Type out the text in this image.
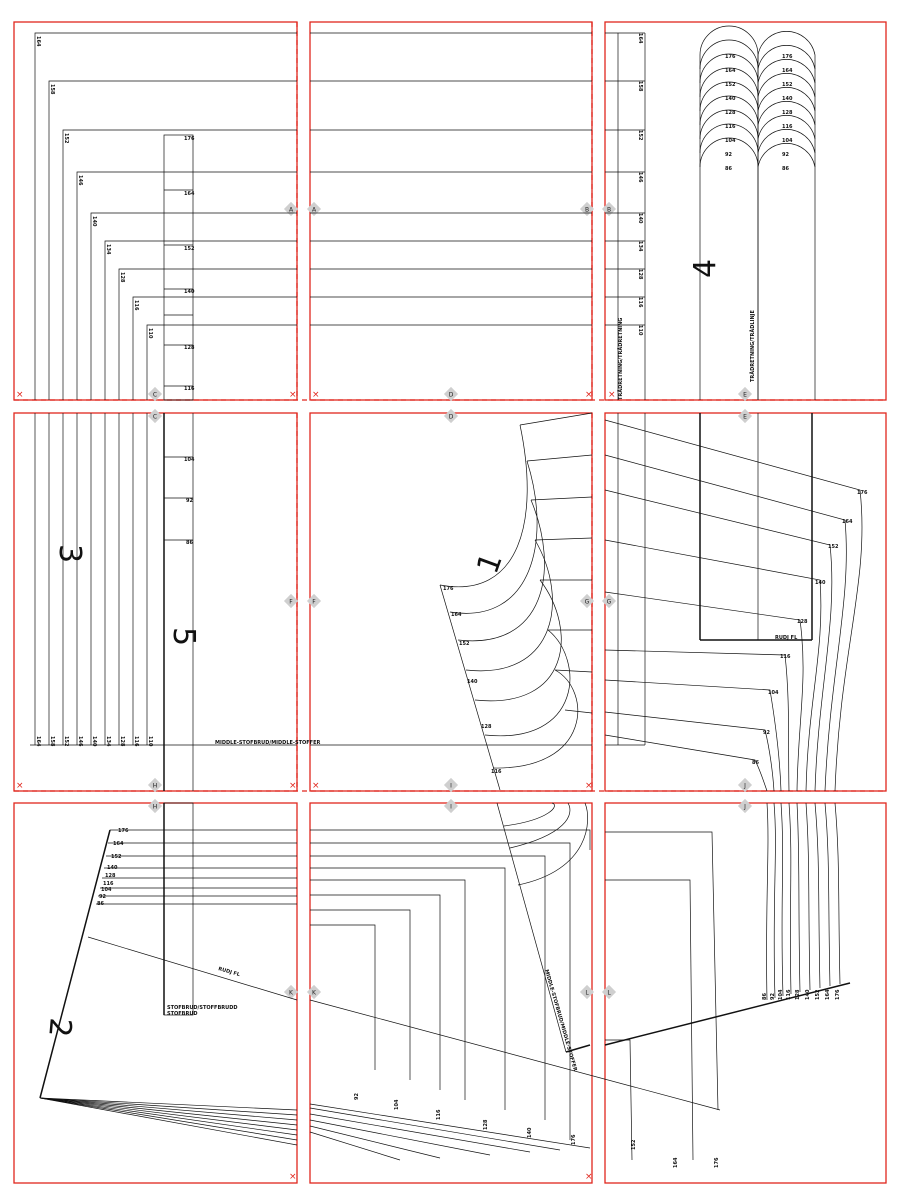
×	× ×	× ×
×	× ×	×
×	×
A	A	B	B
C
C
D
D
E
E
F	F	G	G
H
H
I
I
J
J
K	K	L	L
164
158
152
146
140
134
128
116
110
164 158 152 146 140 134 128 116 110
164
158
152
146
140
134
128
116
110
TRÅDRETNING/TRÅDRETNING
176
164
152
140
128
116
104
92
86
MIDDLE-STOFBRUD/MIDDLE-STOFFER
STOFBRUD/STOFFBRUDD
STOFBRUD
176	176
164	164
152	152
140	140
128	128
116	116
104	104
92	92
86	86
TRÅDRETNING/TRÅDLINJE
176
164
152
140
128
116
176
164
152
140
128
116
104
92
86
RUDJ FL
86 92 104 116 128 140 152 164 176
176
164
152
176
164
152
140
128
116
104
92
86
RUDJ FL
92
104
116
128
140
176
MIDDLE-STOFBRUD/MIDDLE-STOFFER
1
2
3
4
5
